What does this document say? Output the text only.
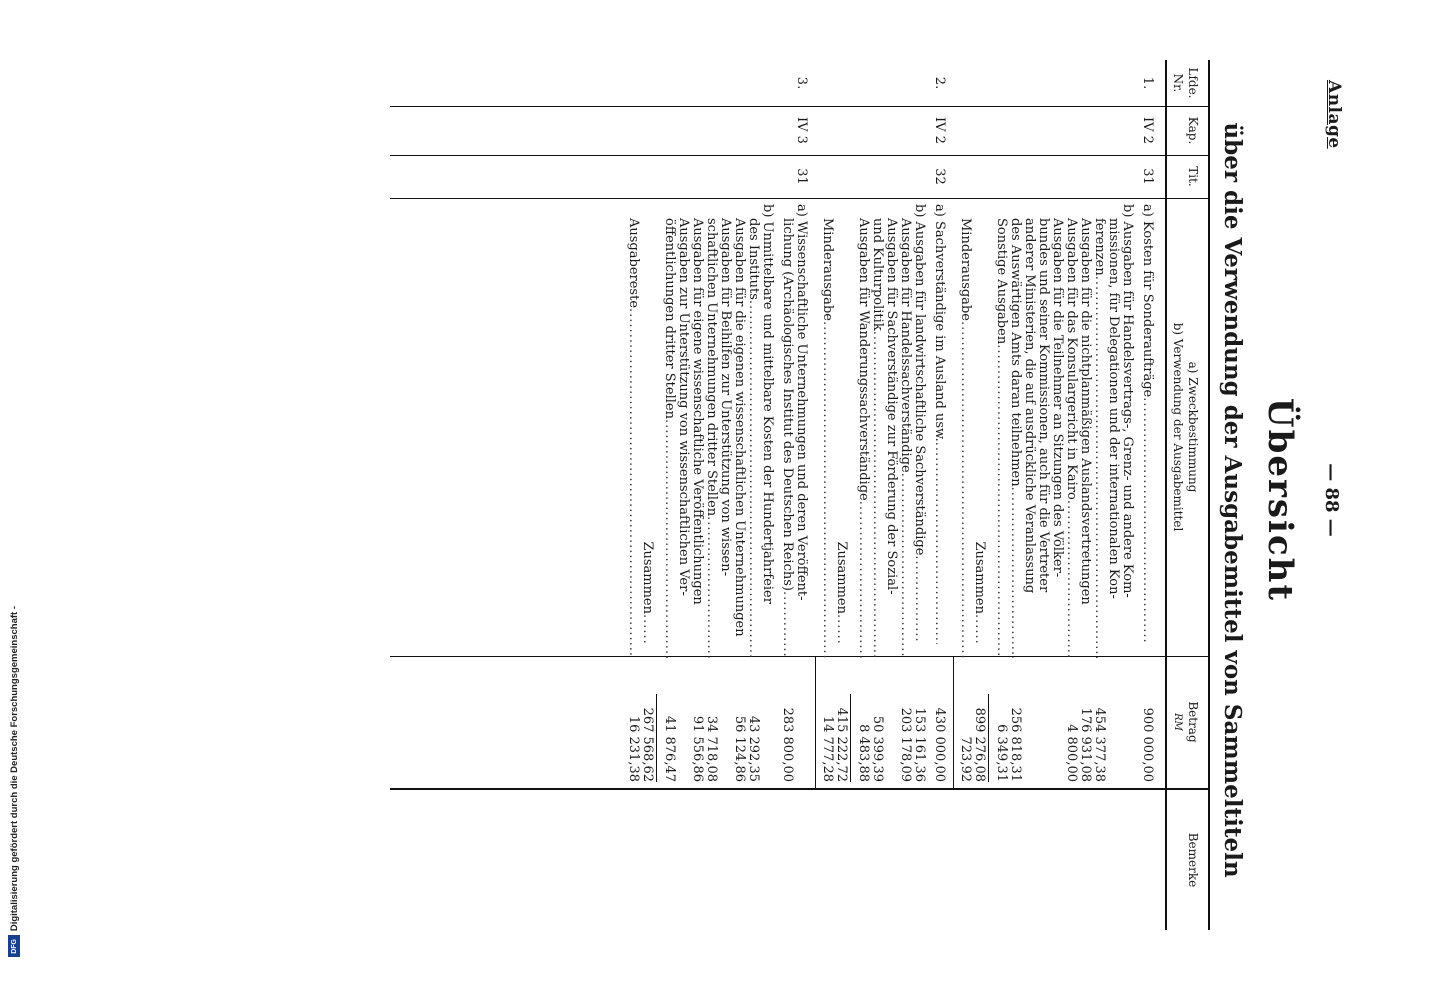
Digitalisierung gefördert durch die Deutsche Forschungsgemeinschaft -
DFG
Anlage
— 88 —
Übersicht
über die Verwendung der Ausgabemittel von Sammeltiteln
Lfde. Nr.
Kap.
Tit.
a) Zweckbestimmung
b) Verwendung der Ausgabemittel
Betrag
RM
Bemerke
1.
IV 2
31
a) Kosten für Sonderaufträge
.....
b) Ausgaben für Handelsvertrags-, Grenz- und andere Kom-
missionen, für Delegationen und der internationalen Kon-
ferenzen
.....
Ausgaben für die nichtplanmäßigen Auslandsvertretungen
Ausgaben für das Konsulargericht in Kairo
.....
Ausgaben für die Teilnehmer an Sitzungen des Völker-
bundes und seiner Kommissionen, auch für die Vertreter
anderer Ministerien, die auf ausdrückliche Veranlassung
des Auswärtigen Amts daran teilnehmen
.....
Sonstige Ausgaben
.....
Zusammen
.....
Minderausgabe
.....
900 000,00
454 377,38
176 931,08
4 800,00
256 818,31
6 349,31
899 276,08
723,92
2.
IV 2
32
a) Sachverständige im Ausland usw.
.....
b) Ausgaben für landwirtschaftliche Sachverständige
.....
Ausgaben für Handelssachverständige
.....
Ausgaben für Sachverständige zur Förderung der Sozial-
und Kulturpolitik
.....
Ausgaben für Wanderungssachverständige
.....
Zusammen
.....
Minderausgabe
.....
430 000,00
153 161,36
203 178,09
50 399,39
8 483,88
415 222,72
14 777,28
3.
IV 3
31
a) Wissenschaftliche Unternehmungen und deren Veröffent-
lichung (Archäologisches Institut des Deutschen Reichs)
.....
b) Unmittelbare und mittelbare Kosten der Hundertjahrfeier
des Instituts
.....
Ausgaben für die eigenen wissenschaftlichen Unternehmungen
Ausgaben für Beihilfen zur Unterstützung von wissen-
schaftlichen Unternehmungen dritter Stellen
.....
Ausgaben für eigene wissenschaftliche Veröffentlichungen
Ausgaben zur Unterstützung von wissenschaftlichen Ver-
öffentlichungen dritter Stellen
.....
Zusammen
.....
Ausgabereste
.....
283 800,00
43 292,35
56 124,86
34 718,08
91 556,86
41 876,47
267 568,62
16 231,38
